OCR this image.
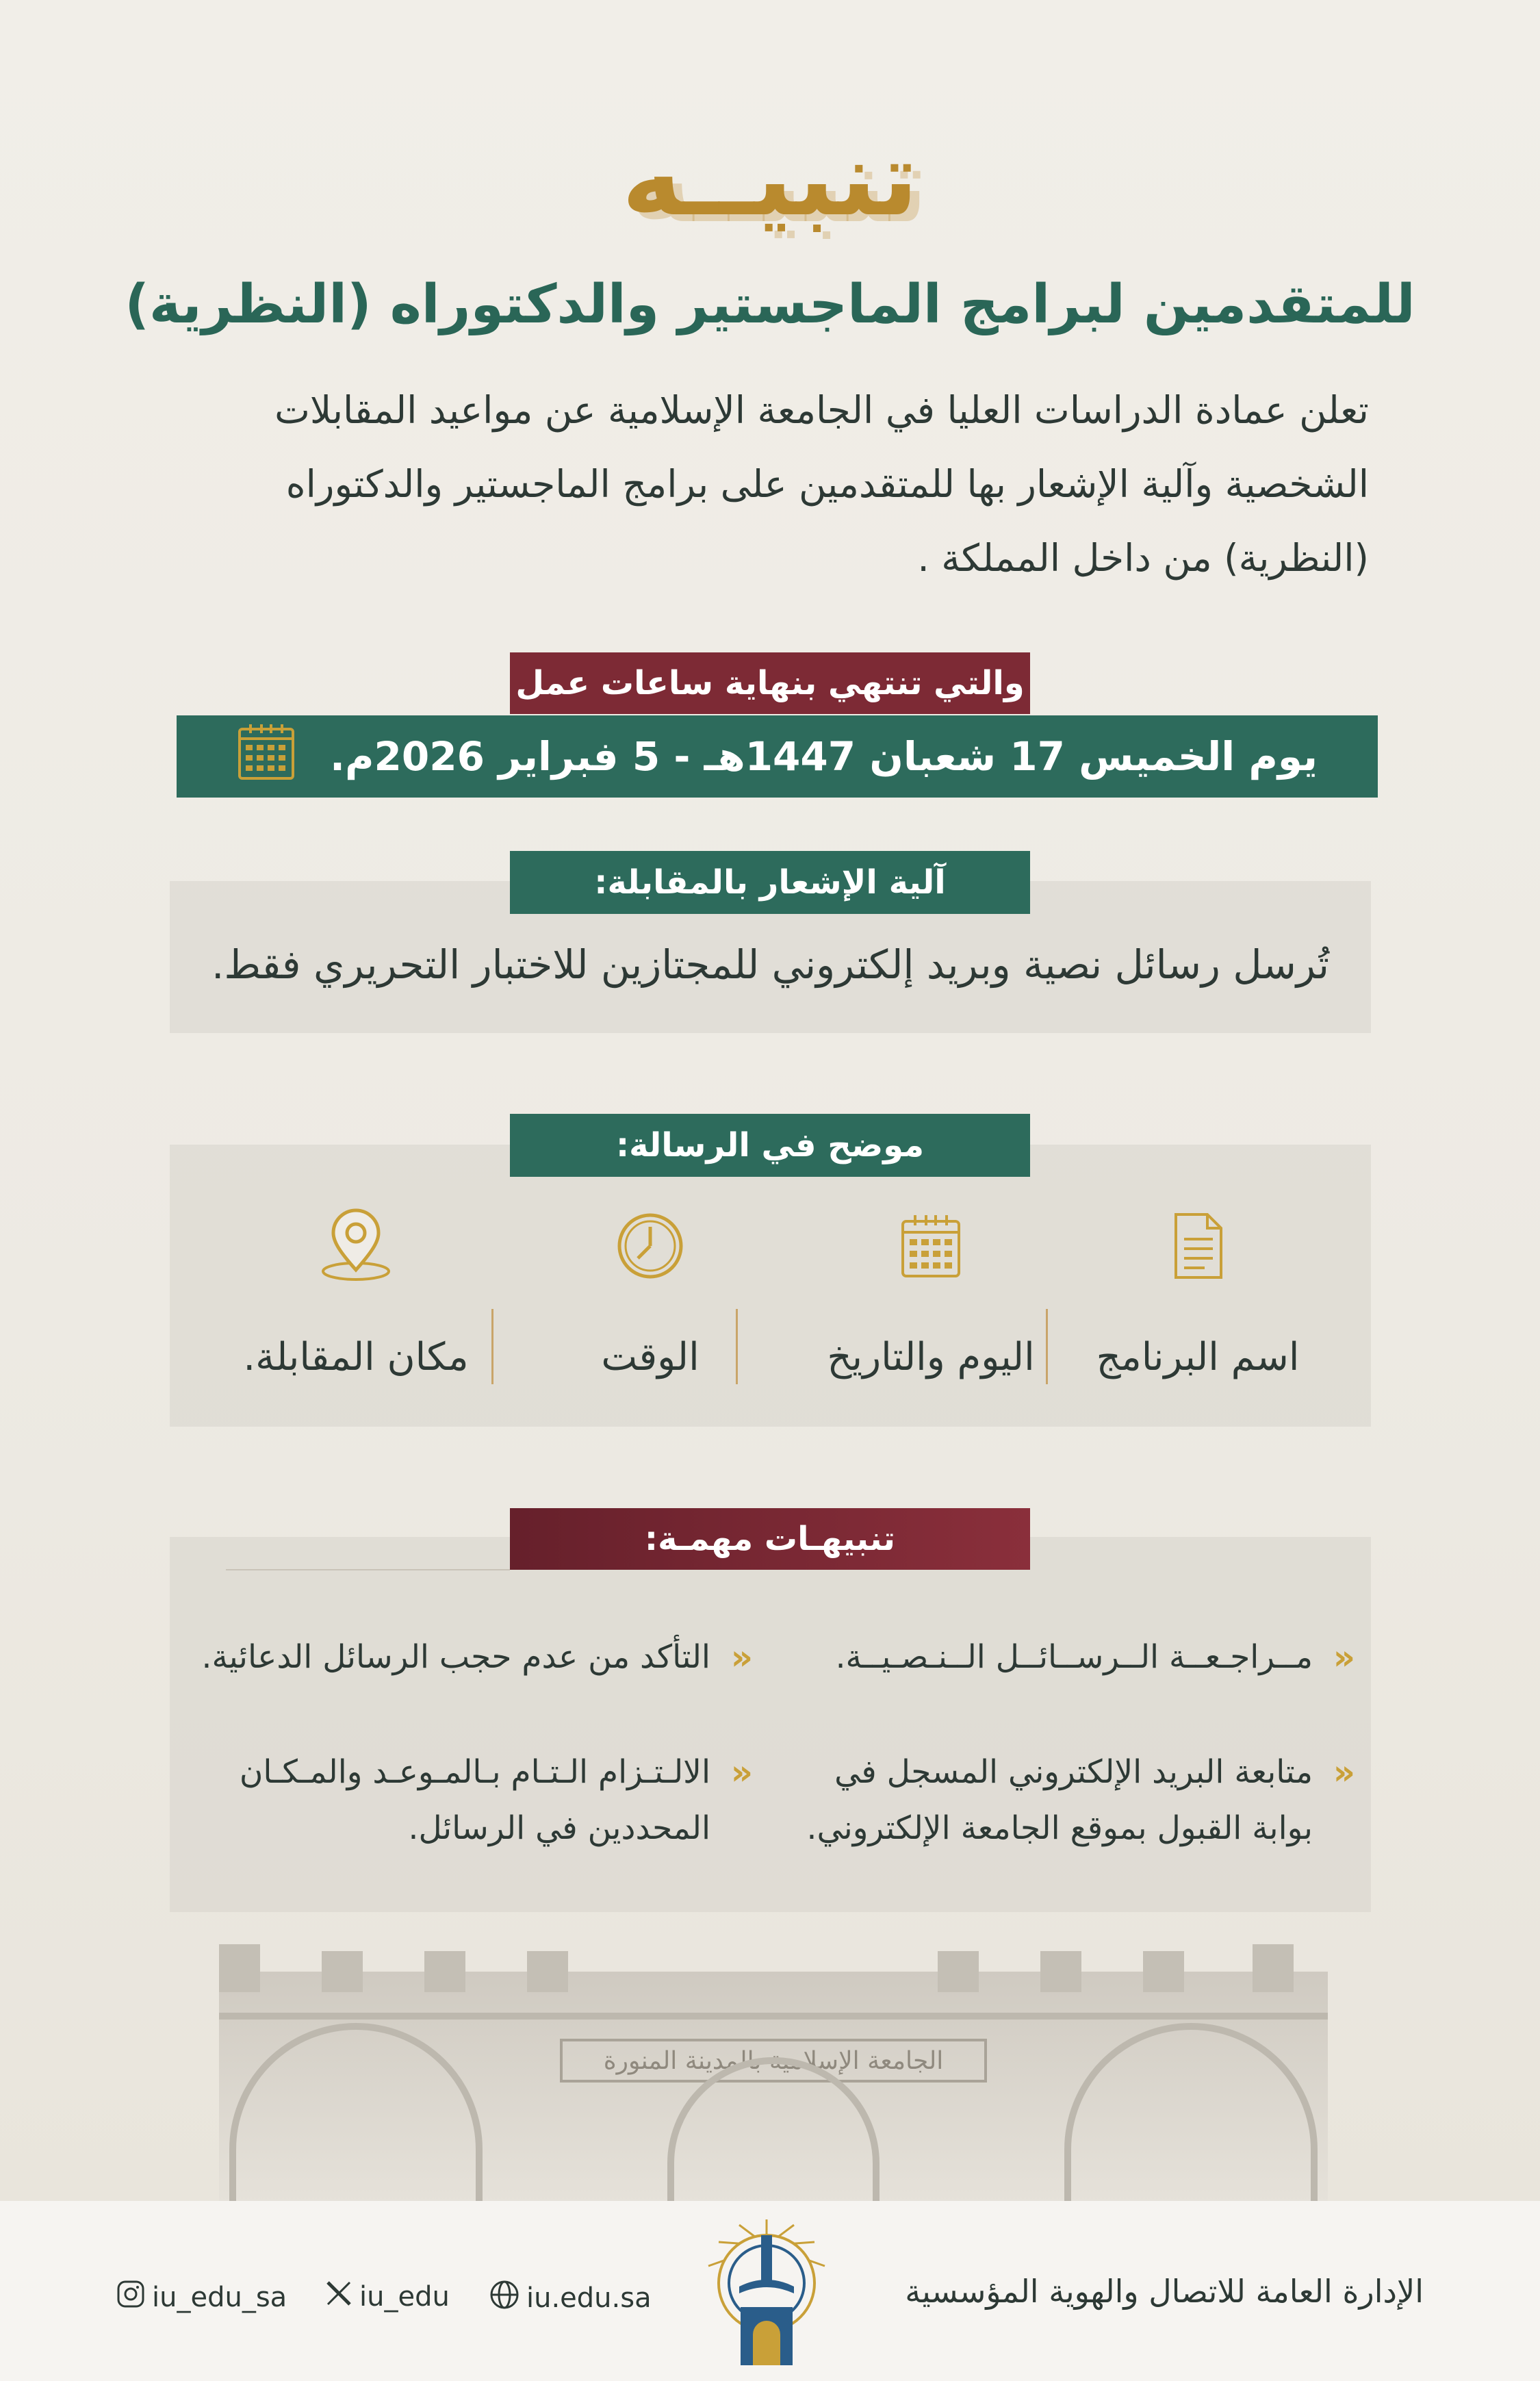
تنبيــه
للمتقدمين لبرامج الماجستير والدكتوراه (النظرية)
تعلن عمادة الدراسات العليا في الجامعة الإسلامية عن مواعيد المقابلات
الشخصية وآلية الإشعار بها للمتقدمين على برامج الماجستير والدكتوراه
(النظرية) من داخل المملكة .
والتي تنتهي بنهاية ساعات عمل
يوم الخميس 17 شعبان 1447هـ - 5 فبراير 2026م.
آلية الإشعار بالمقابلة:
تُرسل رسائل نصية وبريد إلكتروني للمجتازين للاختبار التحريري فقط.
موضح في الرسالة:
اسم البرنامج
اليوم والتاريخ
الوقت
مكان المقابلة.
تنبيهـات مهمـة:
«
مــراجـعــة الــرســائــل الــنـصـيــة.
«
التأكد من عدم حجب الرسائل الدعائية.
«
متابعة البريد الإلكتروني المسجل في
بوابة القبول بموقع الجامعة الإلكتروني.
«
الالـتـزام الـتـام بـالمـوعـد والمـكـان
المحددين في الرسائل.
الجامعة الإسلامية بالمدينة المنورة
الإدارة العامة للاتصال والهوية المؤسسية
iu.edu.sa
iu_edu
iu_edu_sa
